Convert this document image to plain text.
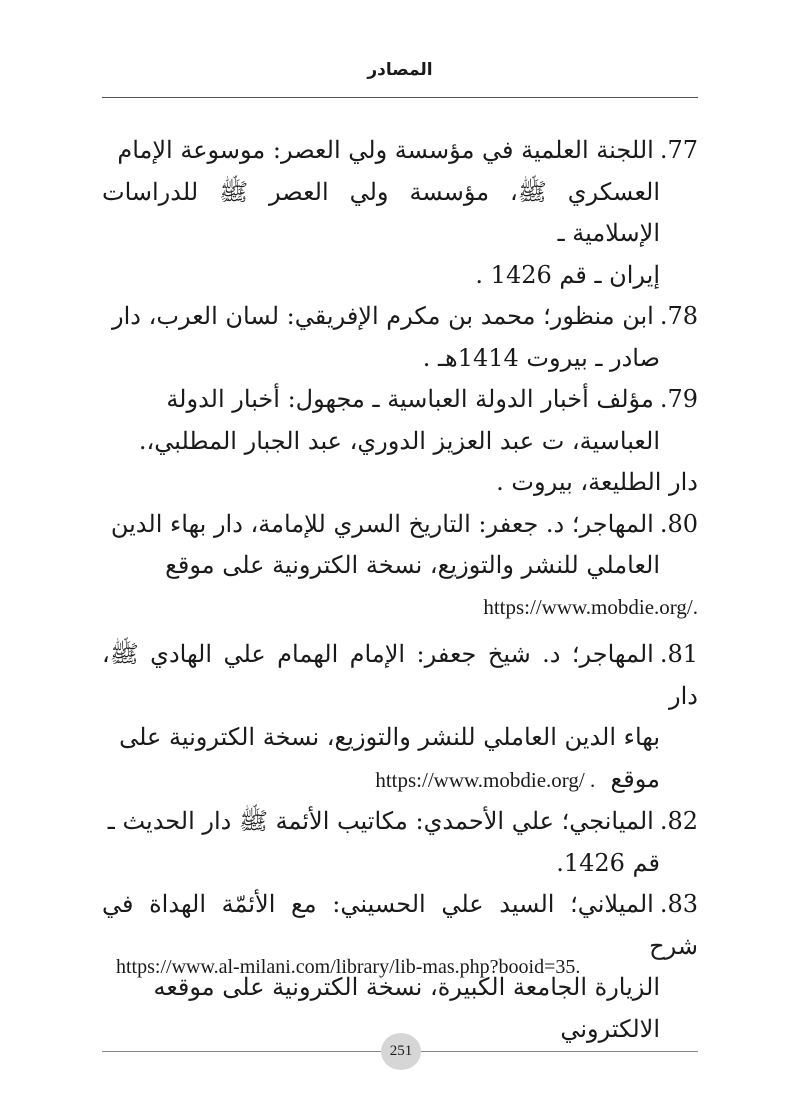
المصادر
77.اللجنة العلمية في مؤسسة ولي العصر: موسوعة الإمام
العسكري ﷺ، مؤسسة ولي العصر ﷺ للدراسات الإسلامية ـ
إيران ـ قم 1426 .
78.ابن منظور؛ محمد بن مكرم الإفريقي: لسان العرب، دار
صادر ـ بيروت 1414هـ .
79.مؤلف أخبار الدولة العباسية ـ مجهول: أخبار الدولة
العباسية، ت عبد العزيز الدوري، عبد الجبار المطلبي،.
دار الطليعة، بيروت .
80.المهاجر؛ د. جعفر: التاريخ السري للإمامة، دار بهاء الدين
العاملي للنشر والتوزيع، نسخة الكترونية على موقع
https://www.mobdie.org/.
81.المهاجر؛ د. شيخ جعفر: الإمام الهمام علي الهادي ﷺ، دار
بهاء الدين العاملي للنشر والتوزيع، نسخة الكترونية على
موقع  https://www.mobdie.org/ .
82.الميانجي؛ علي الأحمدي: مكاتيب الأئمة ﷺ دار الحديث ـ
قم 1426.
83.الميلاني؛ السيد علي الحسيني: مع الأئمّة الهداة في شرح
الزيارة الجامعة الكبيرة، نسخة الكترونية على موقعه
الالكتروني
https://www.al-milani.com/library/lib-mas.php?booid=35.
251
